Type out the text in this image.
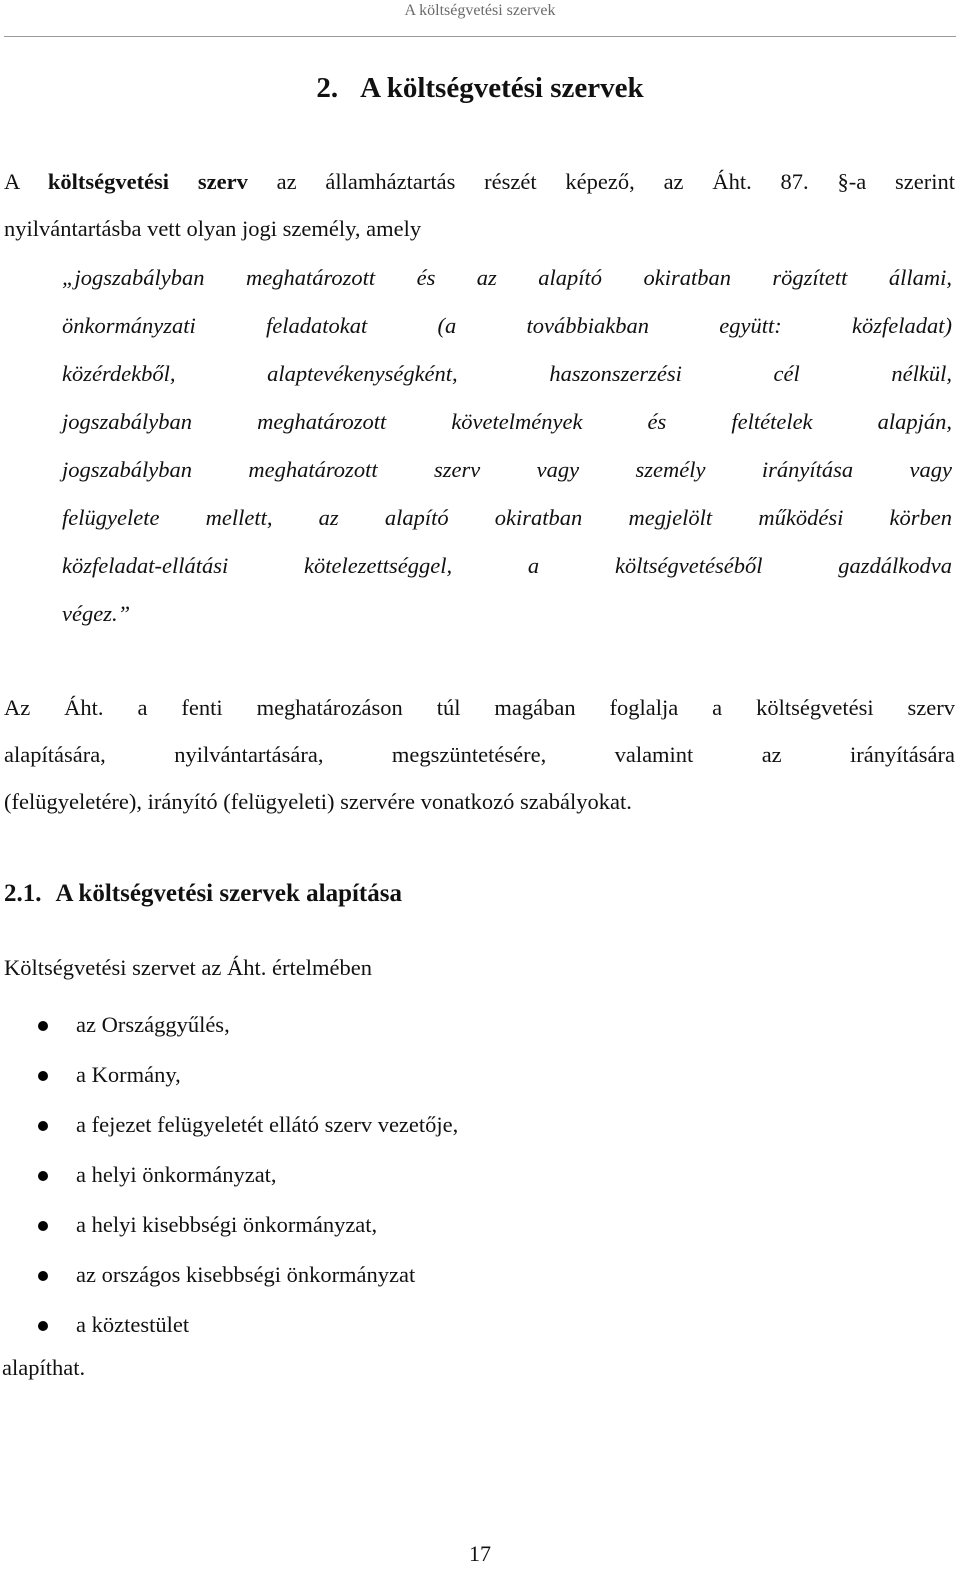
A költségvetési szervek
2. A költségvetési szervek
A költségvetési szerv az államháztartás részét képező, az Áht. 87. §-a szerint
nyilvántartásba vett olyan jogi személy, amely
„jogszabályban meghatározott és az alapító okiratban rögzített állami,
önkormányzati feladatokat (a továbbiakban együtt: közfeladat)
közérdekből, alaptevékenységként, haszonszerzési cél nélkül,
jogszabályban meghatározott követelmények és feltételek alapján,
jogszabályban meghatározott szerv vagy személy irányítása vagy
felügyelete mellett, az alapító okiratban megjelölt működési körben
közfeladat-ellátási kötelezettséggel, a költségvetéséből gazdálkodva
végez.”
Az Áht. a fenti meghatározáson túl magában foglalja a költségvetési szerv
alapítására, nyilvántartására, megszüntetésére, valamint az irányítására
(felügyeletére), irányító (felügyeleti) szervére vonatkozó szabályokat.
2.1. A költségvetési szervek alapítása
Költségvetési szervet az Áht. értelmében
az Országgyűlés,
a Kormány,
a fejezet felügyeletét ellátó szerv vezetője,
a helyi önkormányzat,
a helyi kisebbségi önkormányzat,
az országos kisebbségi önkormányzat
a köztestület
alapíthat.
17
